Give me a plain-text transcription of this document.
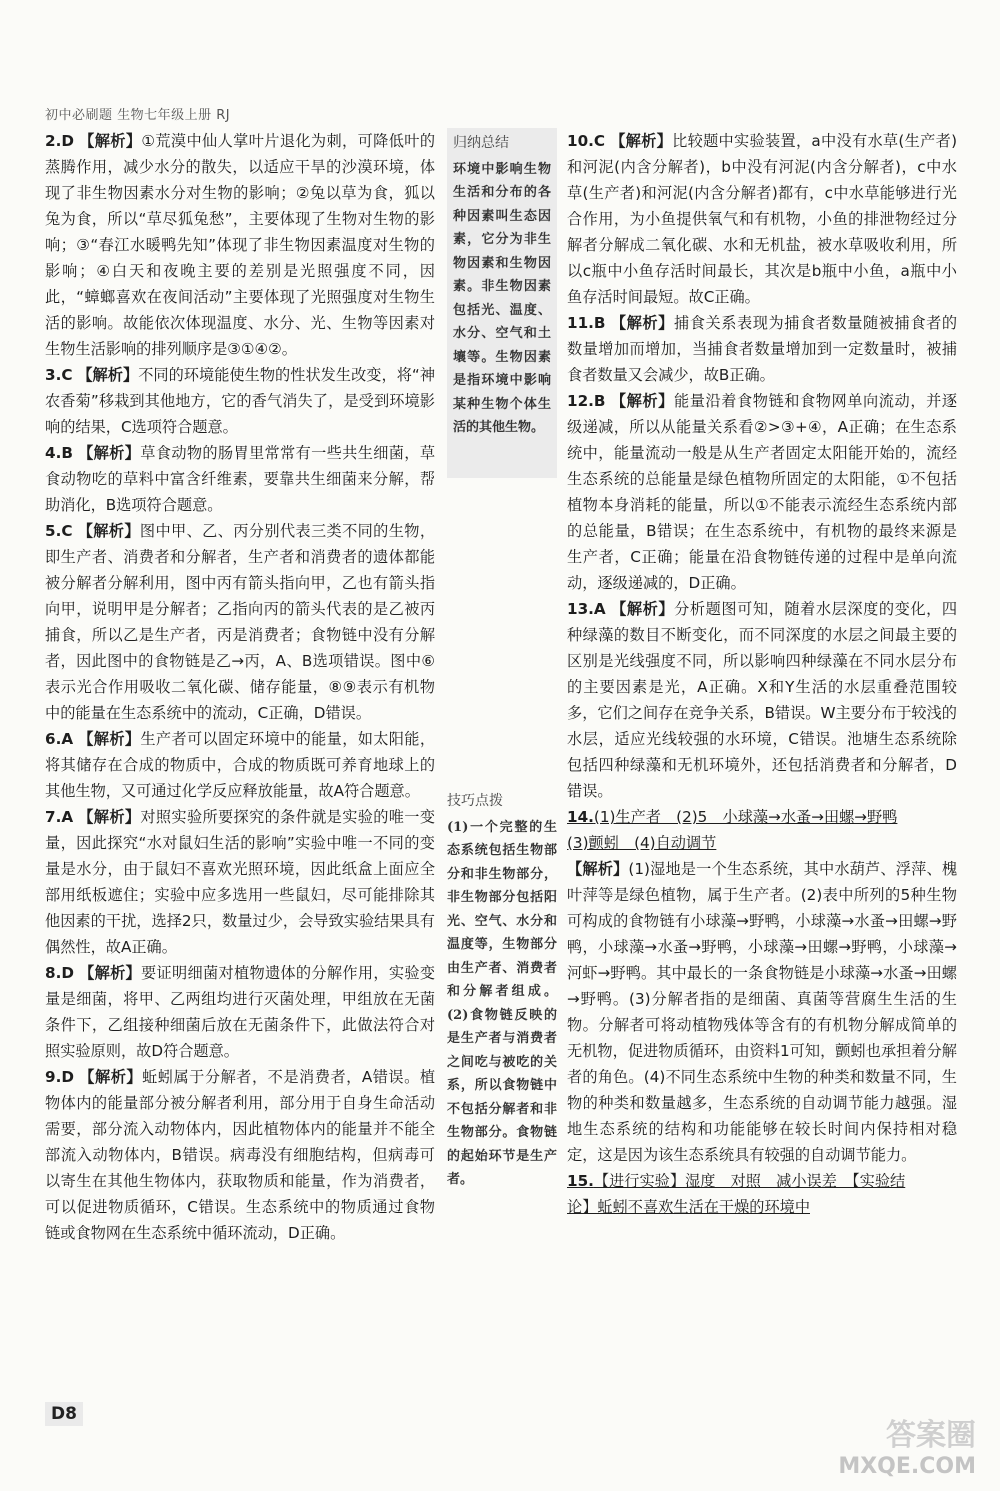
初中必刷题 生物七年级上册 RJ
2.D 【解析】①荒漠中仙人掌叶片退化为刺，可降低叶的蒸腾作用，减少水分的散失，以适应干旱的沙漠环境，体现了非生物因素水分对生物的影响；②兔以草为食，狐以兔为食，所以“草尽狐兔愁”，主要体现了生物对生物的影响；③“春江水暖鸭先知”体现了非生物因素温度对生物的影响；④白天和夜晚主要的差别是光照强度不同，因此，“蟑螂喜欢在夜间活动”主要体现了光照强度对生物生活的影响。故能依次体现温度、水分、光、生物等因素对生物生活影响的排列顺序是③①④②。
3.C 【解析】不同的环境能使生物的性状发生改变，将“神农香菊”移栽到其他地方，它的香气消失了，是受到环境影响的结果，C选项符合题意。
4.B 【解析】草食动物的肠胃里常常有一些共生细菌，草食动物吃的草料中富含纤维素，要靠共生细菌来分解，帮助消化，B选项符合题意。
5.C 【解析】图中甲、乙、丙分别代表三类不同的生物，即生产者、消费者和分解者，生产者和消费者的遗体都能被分解者分解利用，图中丙有箭头指向甲，乙也有箭头指向甲，说明甲是分解者；乙指向丙的箭头代表的是乙被丙捕食，所以乙是生产者，丙是消费者；食物链中没有分解者，因此图中的食物链是乙→丙，A、B选项错误。图中⑥表示光合作用吸收二氧化碳、储存能量，⑧⑨表示有机物中的能量在生态系统中的流动，C正确，D错误。
6.A 【解析】生产者可以固定环境中的能量，如太阳能，将其储存在合成的物质中，合成的物质既可养育地球上的其他生物，又可通过化学反应释放能量，故A符合题意。
7.A 【解析】对照实验所要探究的条件就是实验的唯一变量，因此探究“水对鼠妇生活的影响”实验中唯一不同的变量是水分，由于鼠妇不喜欢光照环境，因此纸盒上面应全部用纸板遮住；实验中应多选用一些鼠妇，尽可能排除其他因素的干扰，选择2只，数量过少，会导致实验结果具有偶然性，故A正确。
8.D 【解析】要证明细菌对植物遗体的分解作用，实验变量是细菌，将甲、乙两组均进行灭菌处理，甲组放在无菌条件下，乙组接种细菌后放在无菌条件下，此做法符合对照实验原则，故D符合题意。
9.D 【解析】蚯蚓属于分解者，不是消费者，A错误。植物体内的能量部分被分解者利用，部分用于自身生命活动需要，部分流入动物体内，因此植物体内的能量并不能全部流入动物体内，B错误。病毒没有细胞结构，但病毒可以寄生在其他生物体内，获取物质和能量，作为消费者，可以促进物质循环，C错误。生态系统中的物质通过食物链或食物网在生态系统中循环流动，D正确。
归纳总结
环境中影响生物生活和分布的各种因素叫生态因素，它分为非生物因素和生物因素。非生物因素包括光、温度、水分、空气和土壤等。生物因素是指环境中影响某种生物个体生活的其他生物。
技巧点拨
(1)一个完整的生态系统包括生物部分和非生物部分，非生物部分包括阳光、空气、水分和温度等，生物部分由生产者、消费者和分解者组成。(2)食物链反映的是生产者与消费者之间吃与被吃的关系，所以食物链中不包括分解者和非生物部分。食物链的起始环节是生产者。
10.C 【解析】比较题中实验装置，a中没有水草(生产者)和河泥(内含分解者)，b中没有河泥(内含分解者)，c中水草(生产者)和河泥(内含分解者)都有，c中水草能够进行光合作用，为小鱼提供氧气和有机物，小鱼的排泄物经过分解者分解成二氧化碳、水和无机盐，被水草吸收利用，所以c瓶中小鱼存活时间最长，其次是b瓶中小鱼，a瓶中小鱼存活时间最短。故C正确。
11.B 【解析】捕食关系表现为捕食者数量随被捕食者的数量增加而增加，当捕食者数量增加到一定数量时，被捕食者数量又会减少，故B正确。
12.B 【解析】能量沿着食物链和食物网单向流动，并逐级递减，所以从能量关系看②>③+④，A正确；在生态系统中，能量流动一般是从生产者固定太阳能开始的，流经生态系统的总能量是绿色植物所固定的太阳能，①不包括植物本身消耗的能量，所以①不能表示流经生态系统内部的总能量，B错误；在生态系统中，有机物的最终来源是生产者，C正确；能量在沿食物链传递的过程中是单向流动，逐级递减的，D正确。
13.A 【解析】分析题图可知，随着水层深度的变化，四种绿藻的数目不断变化，而不同深度的水层之间最主要的区别是光线强度不同，所以影响四种绿藻在不同水层分布的主要因素是光，A正确。X和Y生活的水层重叠范围较多，它们之间存在竞争关系，B错误。W主要分布于较浅的水层，适应光线较强的水环境，C错误。池塘生态系统除包括四种绿藻和无机环境外，还包括消费者和分解者，D错误。
14.(1)生产者　(2)5　小球藻→水蚤→田螺→野鸭
(3)颤蚓　(4)自动调节
【解析】(1)湿地是一个生态系统，其中水葫芦、浮萍、槐叶萍等是绿色植物，属于生产者。(2)表中所列的5种生物可构成的食物链有小球藻→野鸭，小球藻→水蚤→田螺→野鸭，小球藻→水蚤→野鸭，小球藻→田螺→野鸭，小球藻→河虾→野鸭。其中最长的一条食物链是小球藻→水蚤→田螺→野鸭。(3)分解者指的是细菌、真菌等营腐生生活的生物。分解者可将动植物残体等含有的有机物分解成简单的无机物，促进物质循环，由资料1可知，颤蚓也承担着分解者的角色。(4)不同生态系统中生物的种类和数量不同，生物的种类和数量越多，生态系统的自动调节能力越强。湿地生态系统的结构和功能能够在较长时间内保持相对稳定，这是因为该生态系统具有较强的自动调节能力。
15.【进行实验】湿度　对照　减小误差　【实验结
论】蚯蚓不喜欢生活在干燥的环境中
D8
答案圈
MXQE.COM
